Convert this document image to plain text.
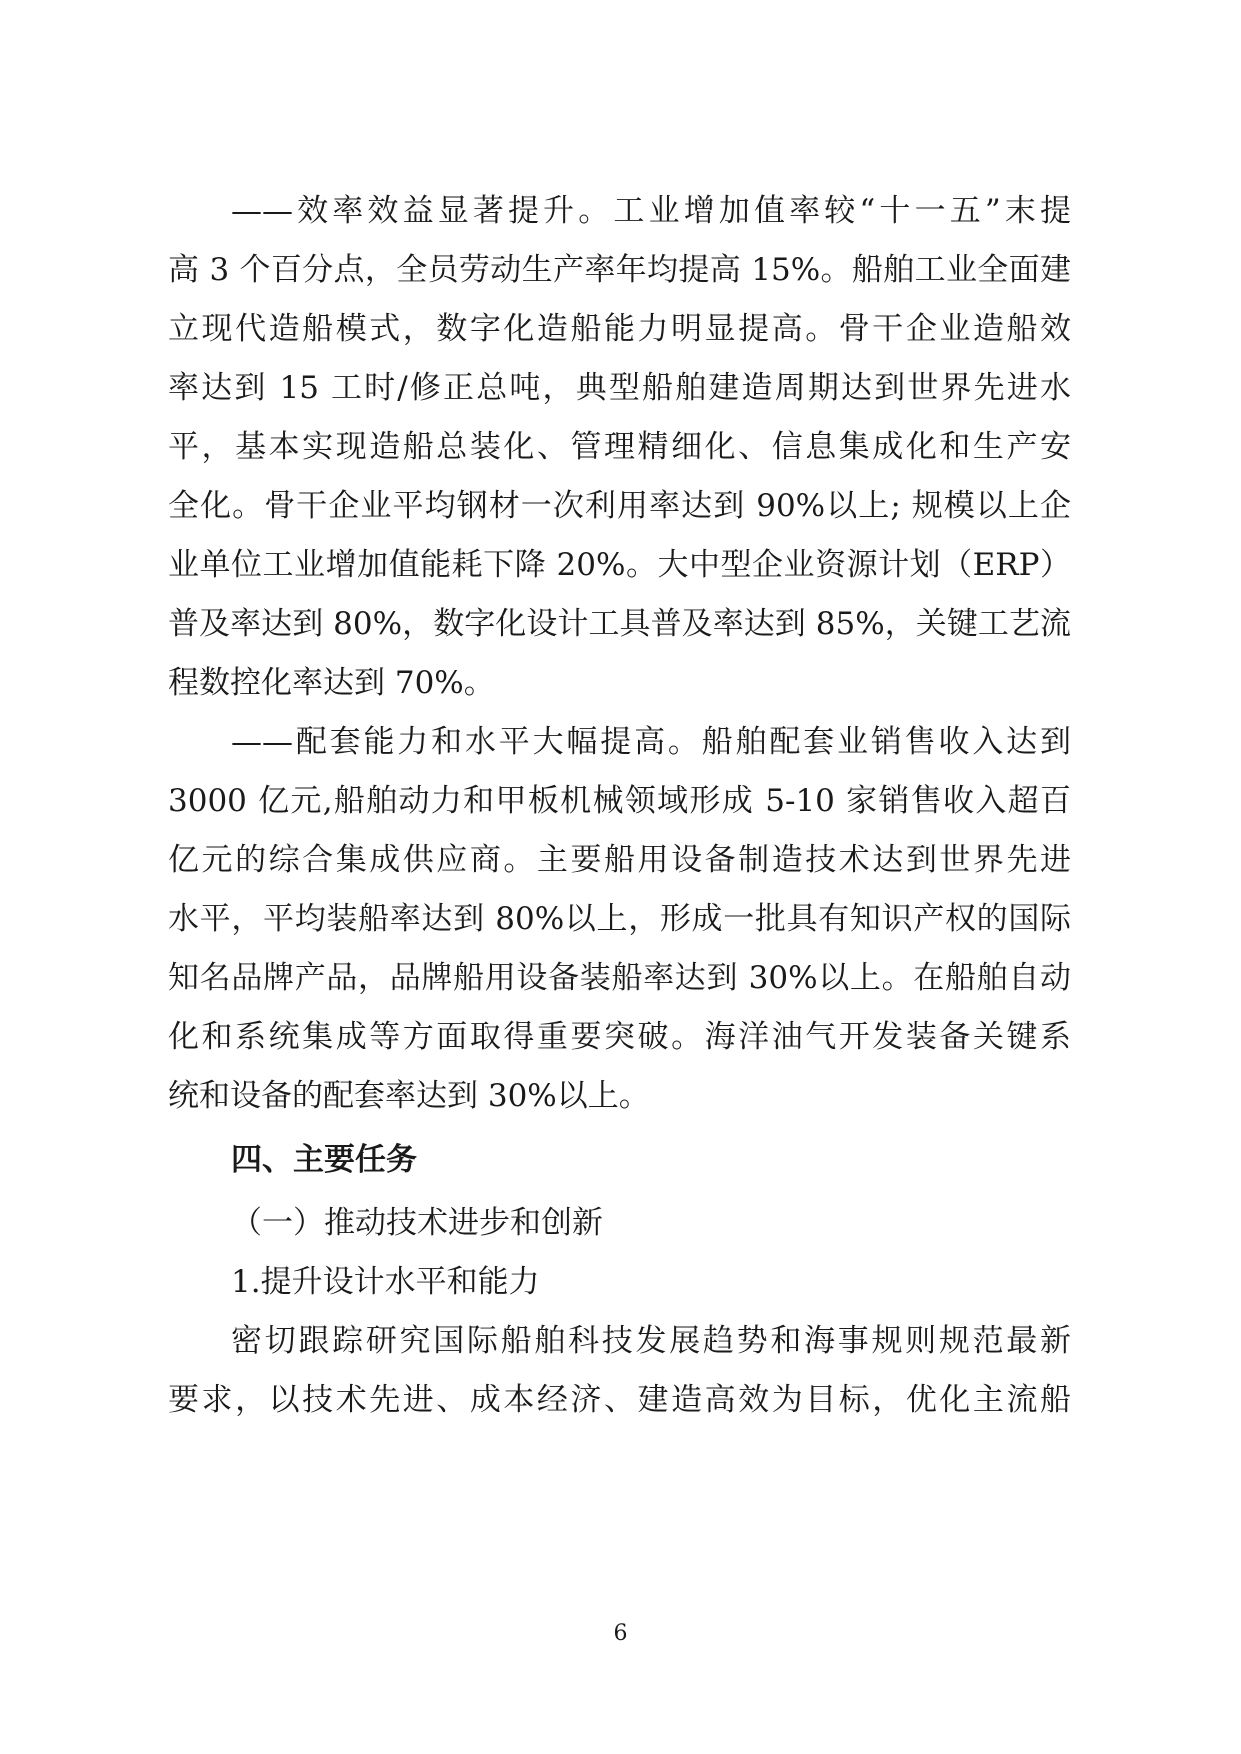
——效率效益显著提升。工业增加值率较“十一五”末提
高 3 个百分点，全员劳动生产率年均提高 15%。船舶工业全面建
立现代造船模式，数字化造船能力明显提高。骨干企业造船效
率达到 15 工时/修正总吨，典型船舶建造周期达到世界先进水
平，基本实现造船总装化、管理精细化、信息集成化和生产安
全化。骨干企业平均钢材一次利用率达到 90%以上; 规模以上企
业单位工业增加值能耗下降 20%。大中型企业资源计划（ERP）
普及率达到 80%，数字化设计工具普及率达到 85%，关键工艺流
程数控化率达到 70%。
——配套能力和水平大幅提高。船舶配套业销售收入达到
3000 亿元,船舶动力和甲板机械领域形成 5-10 家销售收入超百
亿元的综合集成供应商。主要船用设备制造技术达到世界先进
水平，平均装船率达到 80%以上，形成一批具有知识产权的国际
知名品牌产品，品牌船用设备装船率达到 30%以上。在船舶自动
化和系统集成等方面取得重要突破。海洋油气开发装备关键系
统和设备的配套率达到 30%以上。
四、主要任务
（一）推动技术进步和创新
1.提升设计水平和能力
密切跟踪研究国际船舶科技发展趋势和海事规则规范最新
要求，以技术先进、成本经济、建造高效为目标，优化主流船
6
